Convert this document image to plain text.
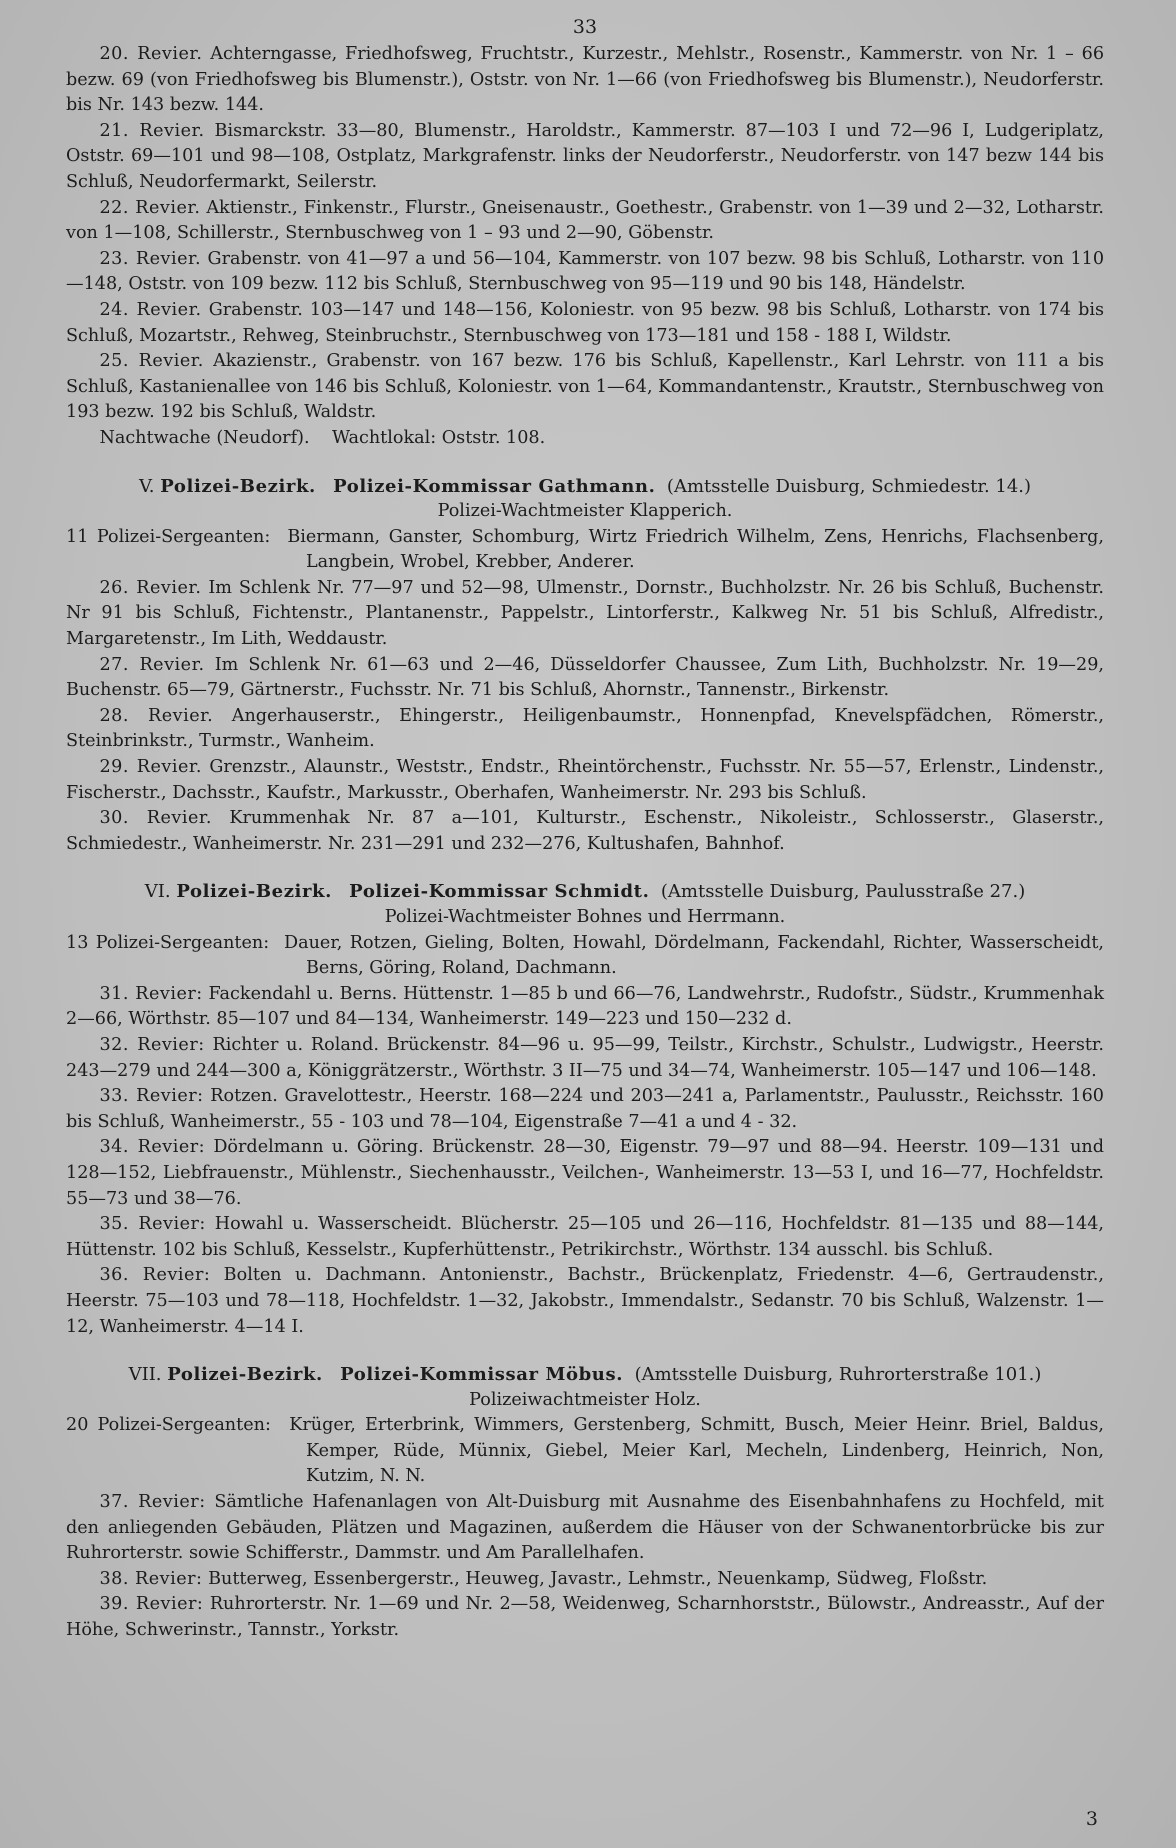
33

20. Revier. Achterngasse, Friedhofsweg, Fruchtstr., Kurzestr., Mehlstr., Rosenstr., Kammerstr. von Nr. 1 – 66 bezw. 69 (von Friedhofsweg bis Blumenstr.), Oststr. von Nr. 1—66 (von Friedhofsweg bis Blumenstr.), Neudorferstr. bis Nr. 143 bezw. 144.

21. Revier. Bismarckstr. 33—80, Blumenstr., Haroldstr., Kammerstr. 87—103 I und 72—96 I, Ludgeriplatz, Oststr. 69—101 und 98—108, Ostplatz, Markgrafenstr. links der Neudorferstr., Neudorferstr. von 147 bezw 144 bis Schluß, Neudorfermarkt, Seilerstr.

22. Revier. Aktienstr., Finkenstr., Flurstr., Gneisenaustr., Goethestr., Grabenstr. von 1—39 und 2—32, Lotharstr. von 1—108, Schillerstr., Sternbuschweg von 1 – 93 und 2—90, Göbenstr.

23. Revier. Grabenstr. von 41—97 a und 56—104, Kammerstr. von 107 bezw. 98 bis Schluß, Lotharstr. von 110—148, Oststr. von 109 bezw. 112 bis Schluß, Sternbuschweg von 95—119 und 90 bis 148, Händelstr.

24. Revier. Grabenstr. 103—147 und 148—156, Koloniestr. von 95 bezw. 98 bis Schluß, Lotharstr. von 174 bis Schluß, Mozartstr., Rehweg, Steinbruchstr., Sternbuschweg von 173—181 und 158 - 188 I, Wildstr.

25. Revier. Akazienstr., Grabenstr. von 167 bezw. 176 bis Schluß, Kapellenstr., Karl Lehrstr. von 111 a bis Schluß, Kastanienallee von 146 bis Schluß, Koloniestr. von 1—64, Kommandantenstr., Krautstr., Sternbuschweg von 193 bezw. 192 bis Schluß, Waldstr.

Nachtwache (Neudorf). Wachtlokal: Oststr. 108.

V. Polizei-Bezirk. Polizei-Kommissar Gathmann. (Amtsstelle Duisburg, Schmiedestr. 14.)

Polizei-Wachtmeister Klapperich.

11 Polizei-Sergeanten: Biermann, Ganster, Schomburg, Wirtz Friedrich Wilhelm, Zens, Henrichs, Flachsenberg, Langbein, Wrobel, Krebber, Anderer.

26. Revier. Im Schlenk Nr. 77—97 und 52—98, Ulmenstr., Dornstr., Buchholzstr. Nr. 26 bis Schluß, Buchenstr. Nr 91 bis Schluß, Fichtenstr., Plantanenstr., Pappelstr., Lintorferstr., Kalkweg Nr. 51 bis Schluß, Alfredistr., Margaretenstr., Im Lith, Weddaustr.

27. Revier. Im Schlenk Nr. 61—63 und 2—46, Düsseldorfer Chaussee, Zum Lith, Buchholzstr. Nr. 19—29, Buchenstr. 65—79, Gärtnerstr., Fuchsstr. Nr. 71 bis Schluß, Ahornstr., Tannenstr., Birkenstr.

28. Revier. Angerhauserstr., Ehingerstr., Heiligenbaumstr., Honnenpfad, Knevelspfädchen, Römerstr., Steinbrinkstr., Turmstr., Wanheim.

29. Revier. Grenzstr., Alaunstr., Weststr., Endstr., Rheintörchenstr., Fuchsstr. Nr. 55—57, Erlenstr., Lindenstr., Fischerstr., Dachsstr., Kaufstr., Markusstr., Oberhafen, Wanheimerstr. Nr. 293 bis Schluß.

30. Revier. Krummenhak Nr. 87 a—101, Kulturstr., Eschenstr., Nikoleistr., Schlosserstr., Glaserstr., Schmiedestr., Wanheimerstr. Nr. 231—291 und 232—276, Kultushafen, Bahnhof.

VI. Polizei-Bezirk. Polizei-Kommissar Schmidt. (Amtsstelle Duisburg, Paulusstraße 27.)

Polizei-Wachtmeister Bohnes und Herrmann.

13 Polizei-Sergeanten: Dauer, Rotzen, Gieling, Bolten, Howahl, Dördelmann, Fackendahl, Richter, Wasserscheidt, Berns, Göring, Roland, Dachmann.

31. Revier: Fackendahl u. Berns. Hüttenstr. 1—85 b und 66—76, Landwehrstr., Rudofstr., Südstr., Krummenhak 2—66, Wörthstr. 85—107 und 84—134, Wanheimerstr. 149—223 und 150—232 d.

32. Revier: Richter u. Roland. Brückenstr. 84—96 u. 95—99, Teilstr., Kirchstr., Schulstr., Ludwigstr., Heerstr. 243—279 und 244—300 a, Königgrätzerstr., Wörthstr. 3 II—75 und 34—74, Wanheimerstr. 105—147 und 106—148.

33. Revier: Rotzen. Gravelottestr., Heerstr. 168—224 und 203—241 a, Parlamentstr., Paulusstr., Reichsstr. 160 bis Schluß, Wanheimerstr., 55 - 103 und 78—104, Eigenstraße 7—41 a und 4 - 32.

34. Revier: Dördelmann u. Göring. Brückenstr. 28—30, Eigenstr. 79—97 und 88—94. Heerstr. 109—131 und 128—152, Liebfrauenstr., Mühlenstr., Siechenhausstr., Veilchen-, Wanheimerstr. 13—53 I, und 16—77, Hochfeldstr. 55—73 und 38—76.

35. Revier: Howahl u. Wasserscheidt. Blücherstr. 25—105 und 26—116, Hochfeldstr. 81—135 und 88—144, Hüttenstr. 102 bis Schluß, Kesselstr., Kupferhüttenstr., Petrikirchstr., Wörthstr. 134 ausschl. bis Schluß.

36. Revier: Bolten u. Dachmann. Antonienstr., Bachstr., Brückenplatz, Friedenstr. 4—6, Gertraudenstr., Heerstr. 75—103 und 78—118, Hochfeldstr. 1—32, Jakobstr., Immendalstr., Sedanstr. 70 bis Schluß, Walzenstr. 1—12, Wanheimerstr. 4—14 I.

VII. Polizei-Bezirk. Polizei-Kommissar Möbus. (Amtsstelle Duisburg, Ruhrorterstraße 101.)

Polizeiwachtmeister Holz.

20 Polizei-Sergeanten: Krüger, Erterbrink, Wimmers, Gerstenberg, Schmitt, Busch, Meier Heinr. Briel, Baldus, Kemper, Rüde, Münnix, Giebel, Meier Karl, Mecheln, Lindenberg, Heinrich, Non, Kutzim, N. N.

37. Revier: Sämtliche Hafenanlagen von Alt-Duisburg mit Ausnahme des Eisenbahnhafens zu Hochfeld, mit den anliegenden Gebäuden, Plätzen und Magazinen, außerdem die Häuser von der Schwanentorbrücke bis zur Ruhrorterstr. sowie Schifferstr., Dammstr. und Am Parallelhafen.

38. Revier: Butterweg, Essenbergerstr., Heuweg, Javastr., Lehmstr., Neuenkamp, Südweg, Floßstr.

39. Revier: Ruhrorterstr. Nr. 1—69 und Nr. 2—58, Weidenweg, Scharnhorststr., Bülowstr., Andreasstr., Auf der Höhe, Schwerinstr., Tannstr., Yorkstr.

3
